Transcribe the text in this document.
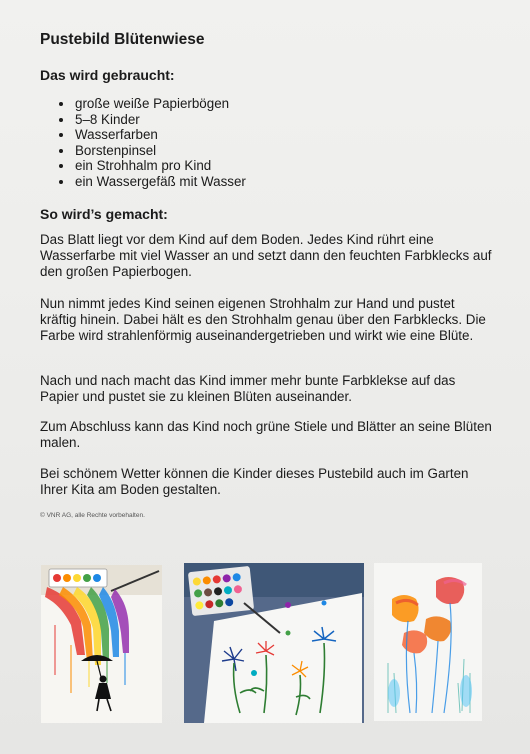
Pustebild Blütenwiese
Das wird gebraucht:
große weiße Papierbögen
5–8 Kinder
Wasserfarben
Borstenpinsel
ein Strohhalm pro Kind
ein Wassergefäß mit Wasser
So wird’s gemacht:

Das Blatt liegt vor dem Kind auf dem Boden. Jedes Kind rührt eine Wasserfarbe mit viel Wasser an und setzt dann den feuchten Farbklecks auf den großen Papierbogen.

Nun nimmt jedes Kind seinen eigenen Strohhalm zur Hand und pustet kräftig hinein. Dabei hält es den Strohhalm genau über den Farbklecks. Die Farbe wird strahlenförmig auseinandergetrieben und wirkt wie eine Blüte.

Nach und nach macht das Kind immer mehr bunte Farbklekse auf das Papier und pustet sie zu kleinen Blüten auseinander.

Zum Abschluss kann das Kind noch grüne Stiele und Blätter an seine Blüten malen.

Bei schönem Wetter können die Kinder dieses Pustebild auch im Garten Ihrer Kita am Boden gestalten.

© VNR AG, alle Rechte vorbehalten.
